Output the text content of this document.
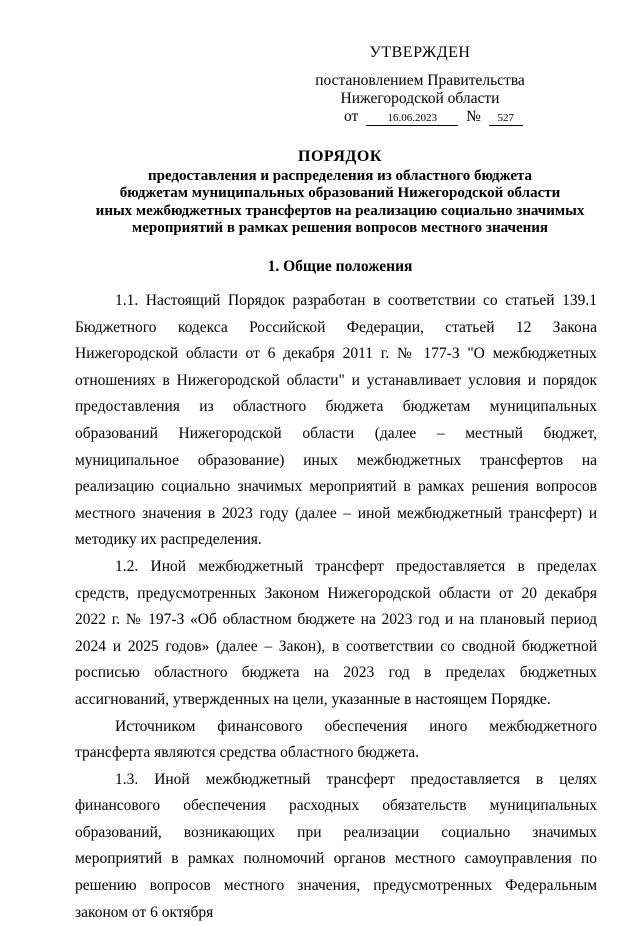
УТВЕРЖДЕН
постановлением Правительства
Нижегородской области
от	16.06.2023 № 527
ПОРЯДОК
предоставления и распределения из областного бюджета
бюджетам муниципальных образований Нижегородской области
иных межбюджетных трансфертов на реализацию социально значимых
мероприятий в рамках решения вопросов местного значения
1. Общие положения

1.1. Настоящий Порядок разработан в соответствии со статьей 139.1 Бюджетного кодекса Российской Федерации, статьей 12 Закона Нижегородской области от 6 декабря 2011 г. № 177-З "О межбюджетных отношениях в Нижегородской области" и устанавливает условия и порядок предоставления из областного бюджета бюджетам муниципальных образований Нижегородской области (далее – местный бюджет, муниципальное образование) иных межбюджетных трансфертов на реализацию социально значимых мероприятий в рамках решения вопросов местного значения в 2023 году (далее – иной межбюджетный трансферт) и методику их распределения.

1.2. Иной межбюджетный трансферт предоставляется в пределах средств, предусмотренных Законом Нижегородской области от 20 декабря 2022 г. № 197-З «Об областном бюджете на 2023 год и на плановый период 2024 и 2025 годов» (далее – Закон), в соответствии со сводной бюджетной росписью областного бюджета на 2023 год в пределах бюджетных ассигнований, утвержденных на цели, указанные в настоящем Порядке.

Источником финансового обеспечения иного межбюджетного трансферта являются средства областного бюджета.

1.3. Иной межбюджетный трансферт предоставляется в целях финансового обеспечения расходных обязательств муниципальных образований, возникающих при реализации социально значимых мероприятий в рамках полномочий органов местного самоуправления по решению вопросов местного значения, предусмотренных Федеральным законом от 6 октября
